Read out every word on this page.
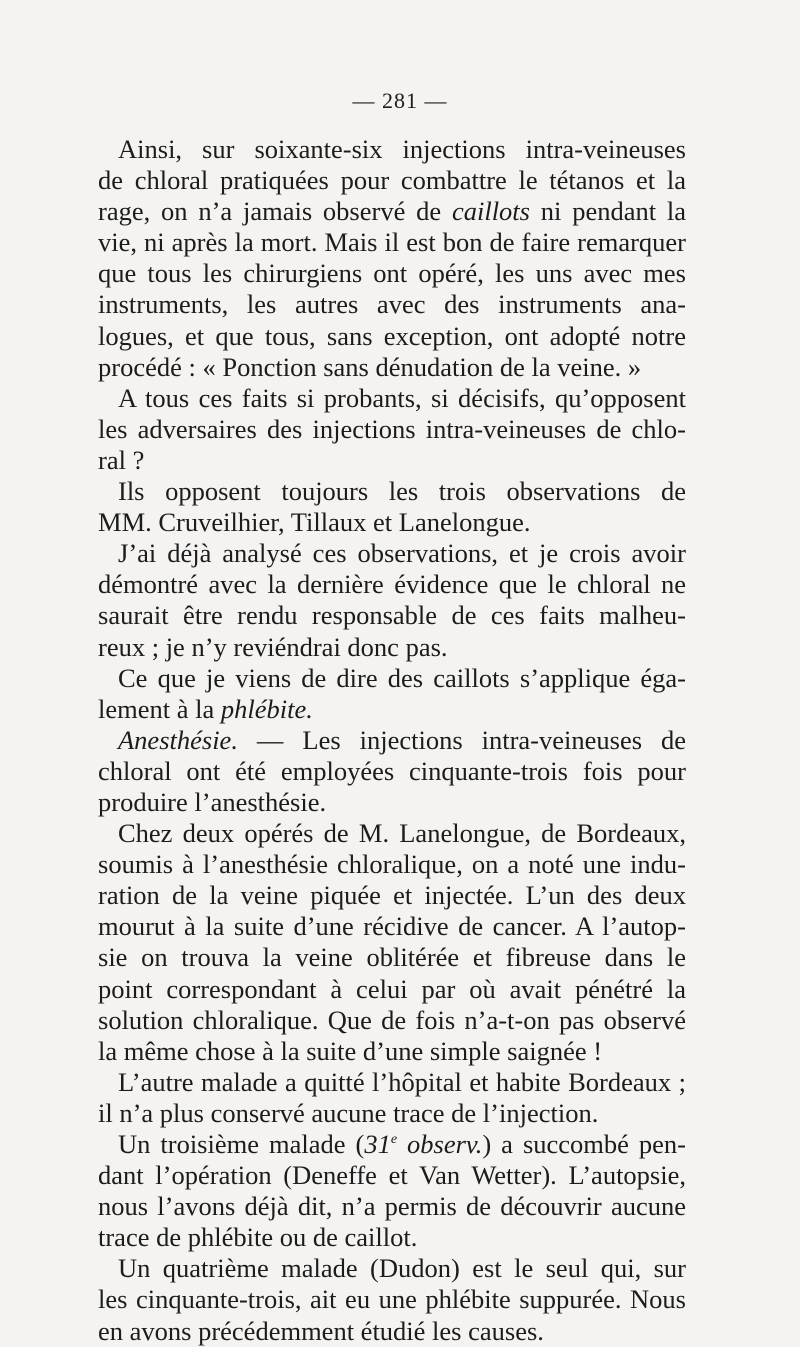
— 281 —
Ainsi, sur soixante-six injections intra-veineuses
de chloral pratiquées pour combattre le tétanos et la
rage, on n’a jamais observé de caillots ni pendant la
vie, ni après la mort. Mais il est bon de faire remarquer
que tous les chirurgiens ont opéré, les uns avec mes
instruments, les autres avec des instruments ana-
logues, et que tous, sans exception, ont adopté notre
procédé : « Ponction sans dénudation de la veine. »
A tous ces faits si probants, si décisifs, qu’opposent
les adversaires des injections intra-veineuses de chlo-
ral ?
Ils opposent toujours les trois observations de
MM. Cruveilhier, Tillaux et Lanelongue.
J’ai déjà analysé ces observations, et je crois avoir
démontré avec la dernière évidence que le chloral ne
saurait être rendu responsable de ces faits malheu-
reux ; je n’y reviéndrai donc pas.
Ce que je viens de dire des caillots s’applique éga-
lement à la phlébite.
Anesthésie. — Les injections intra-veineuses de
chloral ont été employées cinquante-trois fois pour
produire l’anesthésie.
Chez deux opérés de M. Lanelongue, de Bordeaux,
soumis à l’anesthésie chloralique, on a noté une indu-
ration de la veine piquée et injectée. L’un des deux
mourut à la suite d’une récidive de cancer. A l’autop-
sie on trouva la veine oblitérée et fibreuse dans le
point correspondant à celui par où avait pénétré la
solution chloralique. Que de fois n’a-t-on pas observé
la même chose à la suite d’une simple saignée !
L’autre malade a quitté l’hôpital et habite Bordeaux ;
il n’a plus conservé aucune trace de l’injection.
Un troisième malade (31e observ.) a succombé pen-
dant l’opération (Deneffe et Van Wetter). L’autopsie,
nous l’avons déjà dit, n’a permis de découvrir aucune
trace de phlébite ou de caillot.
Un quatrième malade (Dudon) est le seul qui, sur
les cinquante-trois, ait eu une phlébite suppurée. Nous
en avons précédemment étudié les causes.
